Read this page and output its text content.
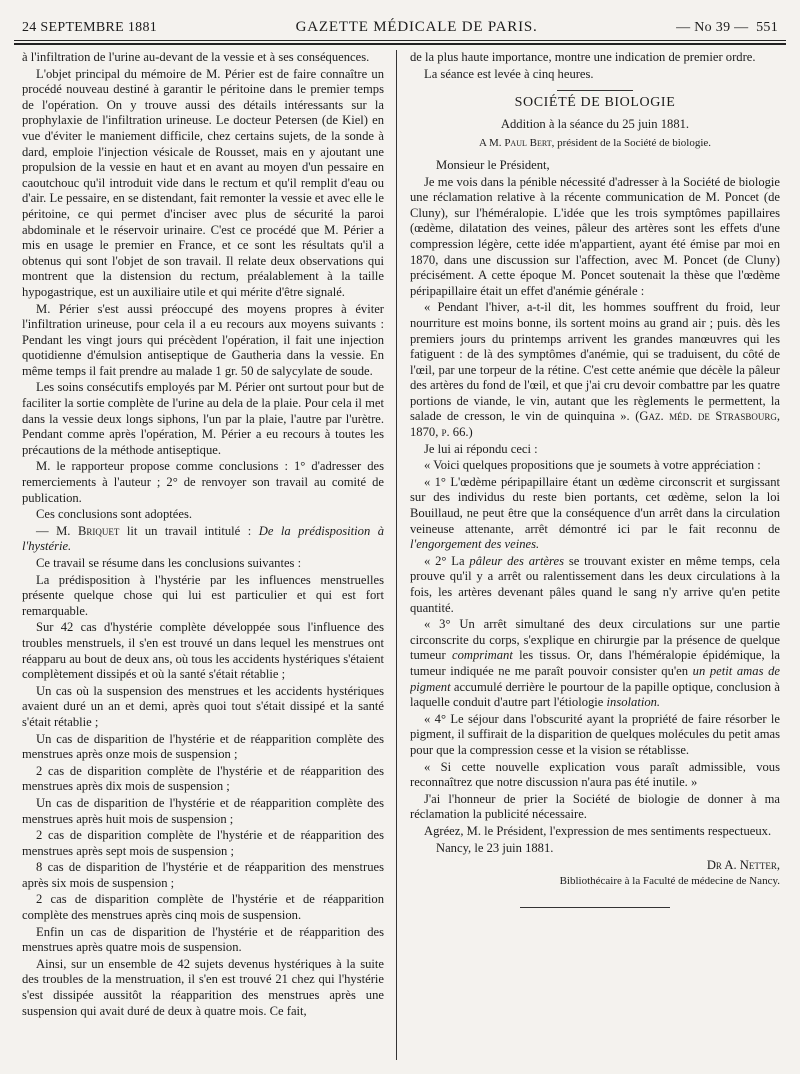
24 SEPTEMBRE 1881	GAZETTE MÉDICALE DE PARIS.	— No 39 — 551

à l'infiltration de l'urine au-devant de la vessie et à ses conséquences.

L'objet principal du mémoire de M. Périer est de faire connaître un procédé nouveau destiné à garantir le péritoine dans le premier temps de l'opération. On y trouve aussi des détails intéressants sur la prophylaxie de l'infiltration urineuse. Le docteur Petersen (de Kiel) en vue d'éviter le maniement difficile, chez certains sujets, de la sonde à dard, emploie l'injection vésicale de Rousset, mais en y ajoutant une propulsion de la vessie en haut et en avant au moyen d'un pessaire en caoutchouc qu'il introduit vide dans le rectum et qu'il remplit d'eau ou d'air. Le pessaire, en se distendant, fait remonter la vessie et avec elle le péritoine, ce qui permet d'inciser avec plus de sécurité la paroi abdominale et le réservoir urinaire. C'est ce procédé que M. Périer a mis en usage le premier en France, et ce sont les résultats qu'il a obtenus qui sont l'objet de son travail. Il relate deux observations qui montrent que la distension du rectum, préalablement à la taille hypogastrique, est un auxiliaire utile et qui mérite d'être signalé.

M. Périer s'est aussi préoccupé des moyens propres à éviter l'infiltration urineuse, pour cela il a eu recours aux moyens suivants : Pendant les vingt jours qui précèdent l'opération, il fait une injection quotidienne d'émulsion antiseptique de Gautheria dans la vessie. En même temps il fait prendre au malade 1 gr. 50 de salycylate de soude.

Les soins consécutifs employés par M. Périer ont surtout pour but de faciliter la sortie complète de l'urine au dela de la plaie. Pour cela il met dans la vessie deux longs siphons, l'un par la plaie, l'autre par l'urètre. Pendant comme après l'opération, M. Périer a eu recours à toutes les précautions de la méthode antiseptique.

M. le rapporteur propose comme conclusions : 1° d'adresser des remerciements à l'auteur ; 2° de renvoyer son travail au comité de publication.

Ces conclusions sont adoptées.

— M. Briquet lit un travail intitulé : De la prédisposition à l'hystérie.

Ce travail se résume dans les conclusions suivantes :

La prédisposition à l'hystérie par les influences menstruelles présente quelque chose qui lui est particulier et qui est fort remarquable.

Sur 42 cas d'hystérie complète développée sous l'influence des troubles menstruels, il s'en est trouvé un dans lequel les menstrues ont réapparu au bout de deux ans, où tous les accidents hystériques s'étaient complètement dissipés et où la santé s'était rétablie ;

Un cas où la suspension des menstrues et les accidents hystériques avaient duré un an et demi, après quoi tout s'était dissipé et la santé s'était rétablie ;

Un cas de disparition de l'hystérie et de réapparition complète des menstrues après onze mois de suspension ;

2 cas de disparition complète de l'hystérie et de réapparition des menstrues après dix mois de suspension ;

Un cas de disparition de l'hystérie et de réapparition complète des menstrues après huit mois de suspension ;

2 cas de disparition complète de l'hystérie et de réapparition des menstrues après sept mois de suspension ;

8 cas de disparition de l'hystérie et de réapparition des menstrues après six mois de suspension ;

2 cas de disparition complète de l'hystérie et de réapparition complète des menstrues après cinq mois de suspension.

Enfin un cas de disparition de l'hystérie et de réapparition des menstrues après quatre mois de suspension.

Ainsi, sur un ensemble de 42 sujets devenus hystériques à la suite des troubles de la menstruation, il s'en est trouvé 21 chez qui l'hystérie s'est dissipée aussitôt la réapparition des menstrues après une suspension qui avait duré de deux à quatre mois. Ce fait,

de la plus haute importance, montre une indication de premier ordre.

La séance est levée à cinq heures.

SOCIÉTÉ DE BIOLOGIE

Addition à la séance du 25 juin 1881.

A M. Paul Bert, président de la Société de biologie.

Monsieur le Président,

Je me vois dans la pénible nécessité d'adresser à la Société de biologie une réclamation relative à la récente communication de M. Poncet (de Cluny), sur l'héméralopie. L'idée que les trois symptômes papillaires (œdème, dilatation des veines, pâleur des artères sont les effets d'une compression légère, cette idée m'appartient, ayant été émise par moi en 1870, dans une discussion sur l'affection, avec M. Poncet (de Cluny) précisément. A cette époque M. Poncet soutenait la thèse que l'œdème péripapillaire était un effet d'anémie générale :

« Pendant l'hiver, a-t-il dit, les hommes souffrent du froid, leur nourriture est moins bonne, ils sortent moins au grand air ; puis. dès les premiers jours du printemps arrivent les grandes manœuvres qui les fatiguent : de là des symptômes d'anémie, qui se traduisent, du côté de l'œil, par une torpeur de la rétine. C'est cette anémie que décèle la pâleur des artères du fond de l'œil, et que j'ai cru devoir combattre par les quatre portions de viande, le vin, autant que les règlements le permettent, la salade de cresson, le vin de quinquina ». (Gaz. méd. de Strasbourg, 1870, p. 66.)

Je lui ai répondu ceci :

« Voici quelques propositions que je soumets à votre appréciation :

« 1° L'œdème péripapillaire étant un œdème circonscrit et surgissant sur des individus du reste bien portants, cet œdème, selon la loi Bouillaud, ne peut être que la conséquence d'un arrêt dans la circulation veineuse attenante, arrêt démontré ici par le fait reconnu de l'engorgement des veines.

« 2° La pâleur des artères se trouvant exister en même temps, cela prouve qu'il y a arrêt ou ralentissement dans les deux circulations à la fois, les artères devenant pâles quand le sang n'y arrive qu'en petite quantité.

« 3° Un arrêt simultané des deux circulations sur une partie circonscrite du corps, s'explique en chirurgie par la présence de quelque tumeur comprimant les tissus. Or, dans l'héméralopie épidémique, la tumeur indiquée ne me paraît pouvoir consister qu'en un petit amas de pigment accumulé derrière le pourtour de la papille optique, conclusion à laquelle conduit d'autre part l'étiologie insolation.

« 4° Le séjour dans l'obscurité ayant la propriété de faire résorber le pigment, il suffirait de la disparition de quelques molécules du petit amas pour que la compression cesse et la vision se rétablisse.

« Si cette nouvelle explication vous paraît admissible, vous reconnaîtrez que notre discussion n'aura pas été inutile. »

J'ai l'honneur de prier la Société de biologie de donner à ma réclamation la publicité nécessaire.

Agréez, M. le Président, l'expression de mes sentiments respectueux.

Nancy, le 23 juin 1881.

Dr A. Netter,
Bibliothécaire à la Faculté de médecine de Nancy.
